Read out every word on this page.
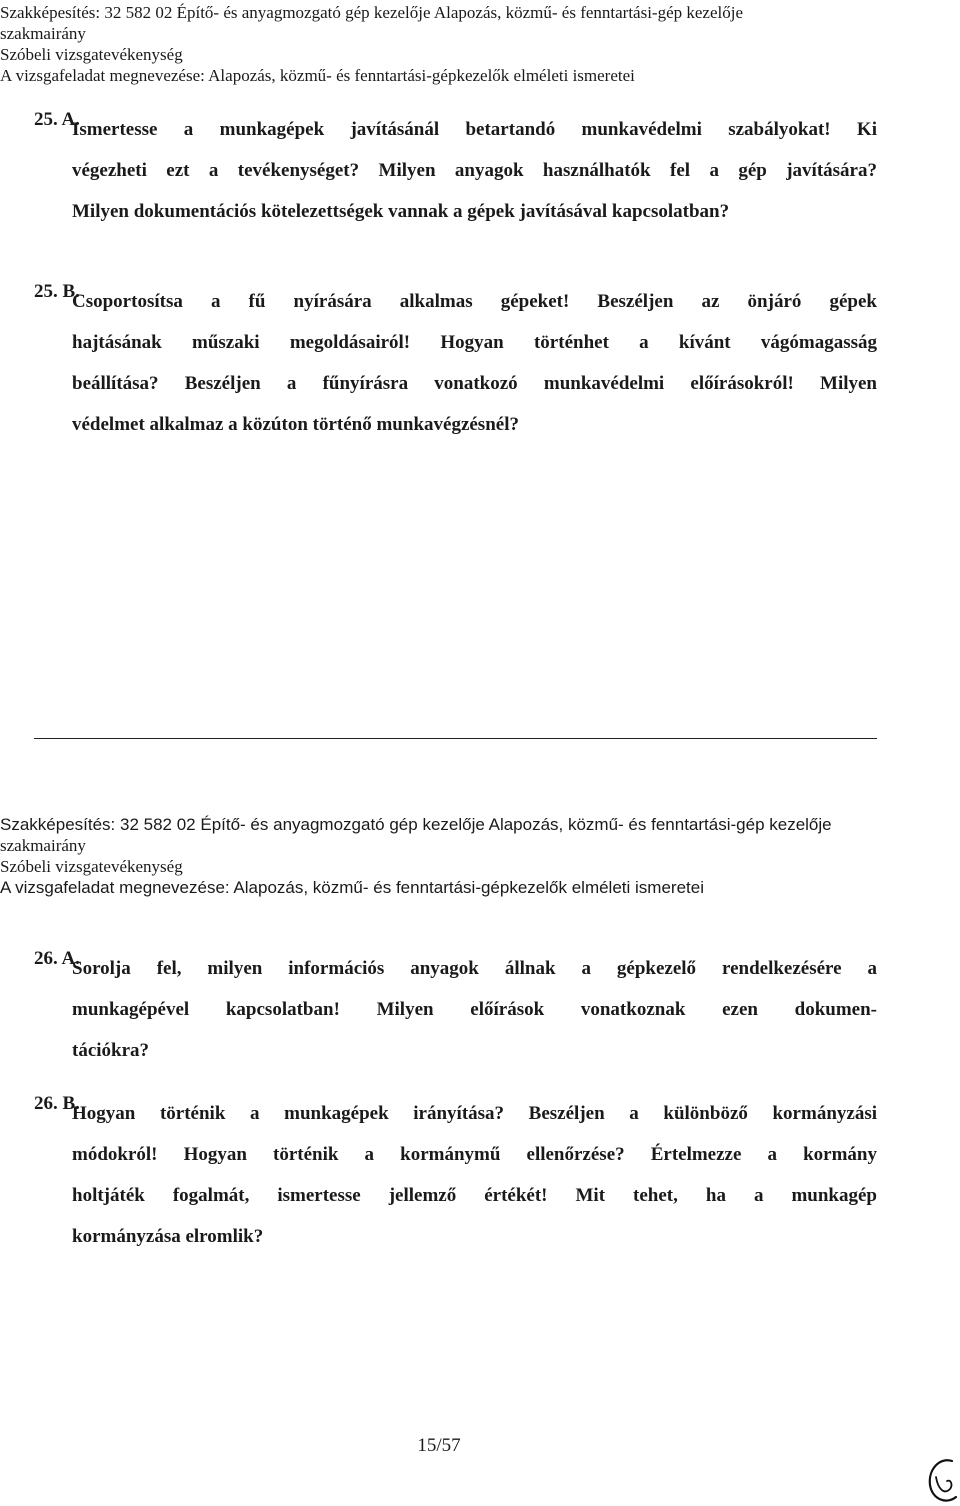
Szakképesítés: 32 582 02 Építő- és anyagmozgató gép kezelője Alapozás, közmű- és fenntartási-gép kezelője
szakmairány
Szóbeli vizsgatevékenység
A vizsgafeladat megnevezése: Alapozás, közmű- és fenntartási-gépkezelők elméleti ismeretei
25. A.
Ismertesse a munkagépek javításánál betartandó munkavédelmi szabályokat! Ki
végezheti ezt a tevékenységet? Milyen anyagok használhatók fel a gép javítására?
Milyen dokumentációs kötelezettségek vannak a gépek javításával kapcsolatban?
25. B.
Csoportosítsa a fű nyírására alkalmas gépeket! Beszéljen az önjáró gépek
hajtásának műszaki megoldásairól! Hogyan történhet a kívánt vágómagasság
beállítása? Beszéljen a fűnyírásra vonatkozó munkavédelmi előírásokról! Milyen
védelmet alkalmaz a közúton történő munkavégzésnél?
Szakképesítés: 32 582 02 Építő- és anyagmozgató gép kezelője Alapozás, közmű- és fenntartási-gép kezelője
szakmairány
Szóbeli vizsgatevékenység
A vizsgafeladat megnevezése: Alapozás, közmű- és fenntartási-gépkezelők elméleti ismeretei
26. A.
Sorolja fel, milyen információs anyagok állnak a gépkezelő rendelkezésére a
munkagépével kapcsolatban! Milyen előírások vonatkoznak ezen dokumen-
tációkra?
26. B.
Hogyan történik a munkagépek irányítása? Beszéljen a különböző kormányzási
módokról! Hogyan történik a kormánymű ellenőrzése? Értelmezze a kormány
holtjáték fogalmát, ismertesse jellemző értékét! Mit tehet, ha a munkagép
kormányzása elromlik?
15/57
